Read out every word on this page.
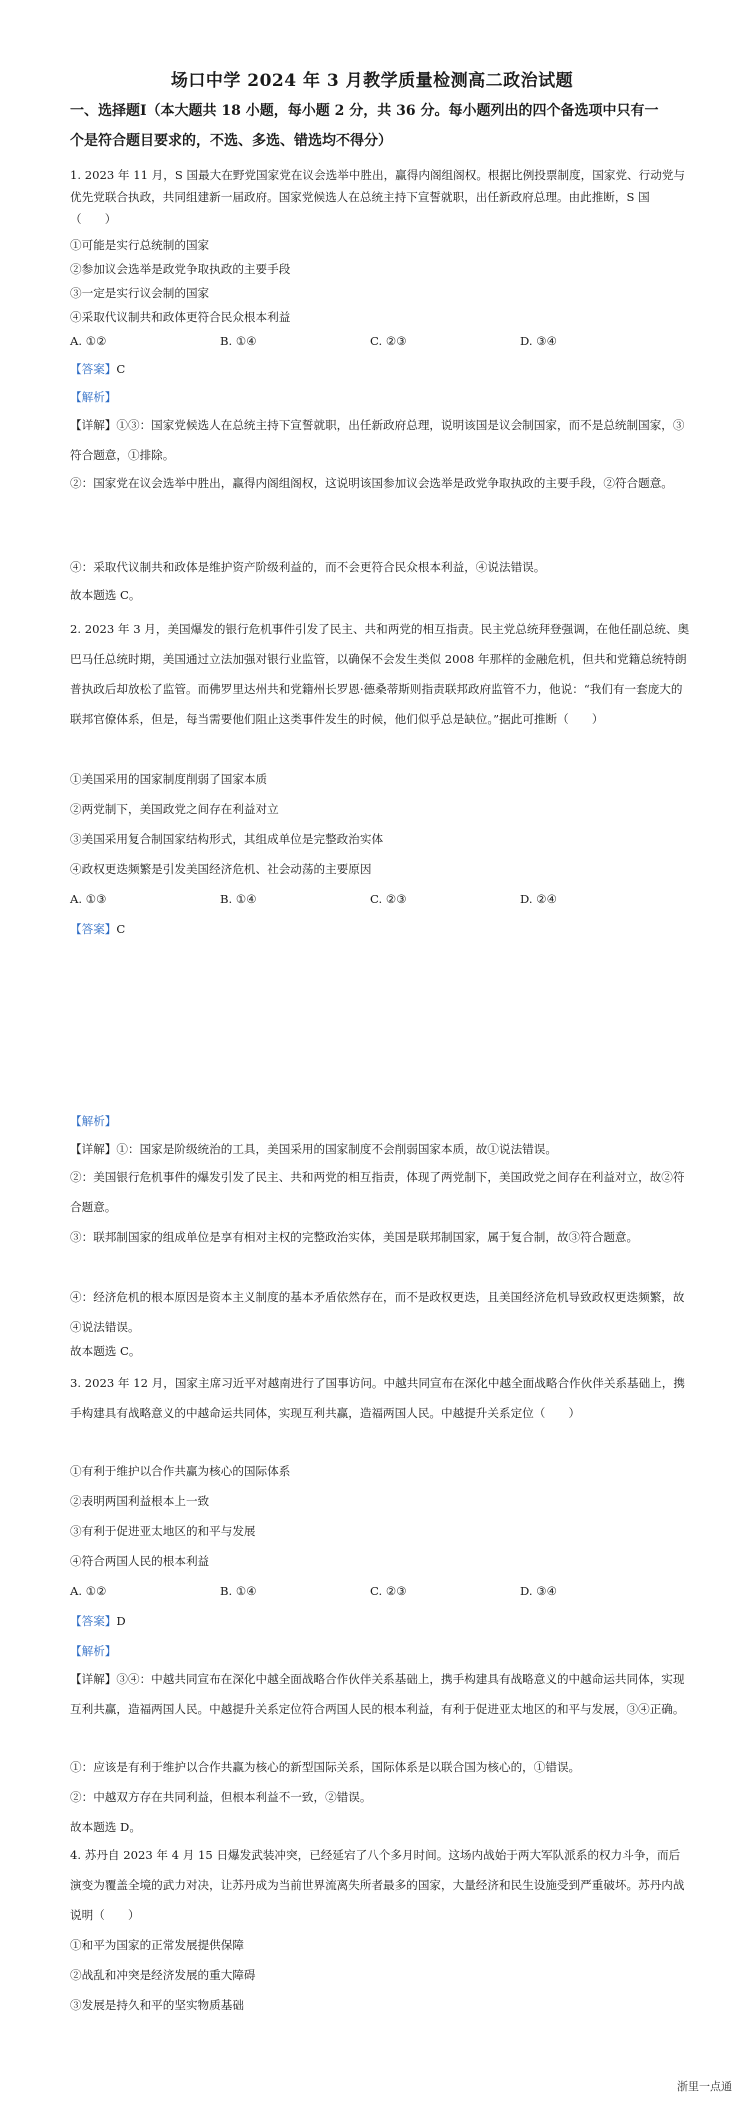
场口中学 2024 年 3 月教学质量检测高二政治试题
一、选择题Ⅰ（本大题共 18 小题，每小题 2 分，共 36 分。每小题列出的四个备选项中只有一
个是符合题目要求的，不选、多选、错选均不得分）
1. 2023 年 11 月，S 国最大在野党国家党在议会选举中胜出，赢得内阁组阁权。根据比例投票制度，国家党、行动党与优先党联合执政，共同组建新一届政府。国家党候选人在总统主持下宣誓就职，出任新政府总理。由此推断，S 国（　　）
①可能是实行总统制的国家
②参加议会选举是政党争取执政的主要手段
③一定是实行议会制的国家
④采取代议制共和政体更符合民众根本利益
A. ①②	B. ①④	C. ②③	D. ③④
【答案】C
【解析】
【详解】①③：国家党候选人在总统主持下宣誓就职，出任新政府总理，说明该国是议会制国家，而不是总统制国家，③符合题意，①排除。
②：国家党在议会选举中胜出，赢得内阁组阁权，这说明该国参加议会选举是政党争取执政的主要手段，②符合题意。
④：采取代议制共和政体是维护资产阶级利益的，而不会更符合民众根本利益，④说法错误。
故本题选 C。
2. 2023 年 3 月，美国爆发的银行危机事件引发了民主、共和两党的相互指责。民主党总统拜登强调，在他任副总统、奥巴马任总统时期，美国通过立法加强对银行业监管，以确保不会发生类似 2008 年那样的金融危机，但共和党籍总统特朗普执政后却放松了监管。而佛罗里达州共和党籍州长罗恩·德桑蒂斯则指责联邦政府监管不力，他说：“我们有一套庞大的联邦官僚体系，但是，每当需要他们阻止这类事件发生的时候，他们似乎总是缺位。”据此可推断（　　）
①美国采用的国家制度削弱了国家本质
②两党制下，美国政党之间存在利益对立
③美国采用复合制国家结构形式，其组成单位是完整政治实体
④政权更迭频繁是引发美国经济危机、社会动荡的主要原因
A. ①③	B. ①④	C. ②③	D. ②④
【答案】C
【解析】
【详解】①：国家是阶级统治的工具，美国采用的国家制度不会削弱国家本质，故①说法错误。
②：美国银行危机事件的爆发引发了民主、共和两党的相互指责，体现了两党制下，美国政党之间存在利益对立，故②符合题意。
③：联邦制国家的组成单位是享有相对主权的完整政治实体，美国是联邦制国家，属于复合制，故③符合题意。
④：经济危机的根本原因是资本主义制度的基本矛盾依然存在，而不是政权更迭，且美国经济危机导致政权更迭频繁，故④说法错误。
故本题选 C。
3. 2023 年 12 月，国家主席习近平对越南进行了国事访问。中越共同宣布在深化中越全面战略合作伙伴关系基础上，携手构建具有战略意义的中越命运共同体，实现互利共赢，造福两国人民。中越提升关系定位（　　）
①有利于维护以合作共赢为核心的国际体系
②表明两国利益根本上一致
③有利于促进亚太地区的和平与发展
④符合两国人民的根本利益
A. ①②	B. ①④	C. ②③	D. ③④
【答案】D
【解析】
【详解】③④：中越共同宣布在深化中越全面战略合作伙伴关系基础上，携手构建具有战略意义的中越命运共同体，实现互利共赢，造福两国人民。中越提升关系定位符合两国人民的根本利益，有利于促进亚太地区的和平与发展，③④正确。
①：应该是有利于维护以合作共赢为核心的新型国际关系，国际体系是以联合国为核心的，①错误。
②：中越双方存在共同利益，但根本利益不一致，②错误。
故本题选 D。
4. 苏丹自 2023 年 4 月 15 日爆发武装冲突，已经延宕了八个多月时间。这场内战始于两大军队派系的权力斗争，而后演变为覆盖全境的武力对决，让苏丹成为当前世界流离失所者最多的国家，大量经济和民生设施受到严重破坏。苏丹内战说明（　　）
①和平为国家的正常发展提供保障
②战乱和冲突是经济发展的重大障碍
③发展是持久和平的坚实物质基础
浙里一点通
